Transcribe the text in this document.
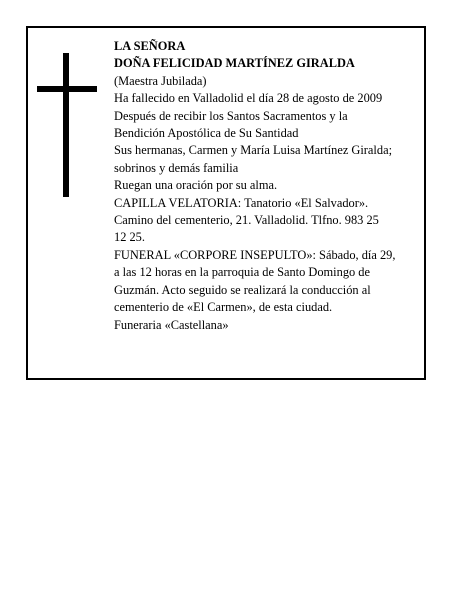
LA SEÑORA
DOÑA FELICIDAD MARTÍNEZ GIRALDA
(Maestra Jubilada)
Ha fallecido en Valladolid el día 28 de agosto de 2009
Después de recibir los Santos Sacramentos y la
Bendición Apostólica de Su Santidad
Sus hermanas, Carmen y María Luisa Martínez Giralda;
sobrinos y demás familia
Ruegan una oración por su alma.
CAPILLA VELATORIA: Tanatorio «El Salvador».
Camino del cementerio, 21. Valladolid. Tlfno. 983 25
12 25.
FUNERAL «CORPORE INSEPULTO»: Sábado, día 29,
a las 12 horas en la parroquia de Santo Domingo de
Guzmán. Acto seguido se realizará la conducción al
cementerio de «El Carmen», de esta ciudad.
Funeraria «Castellana»
